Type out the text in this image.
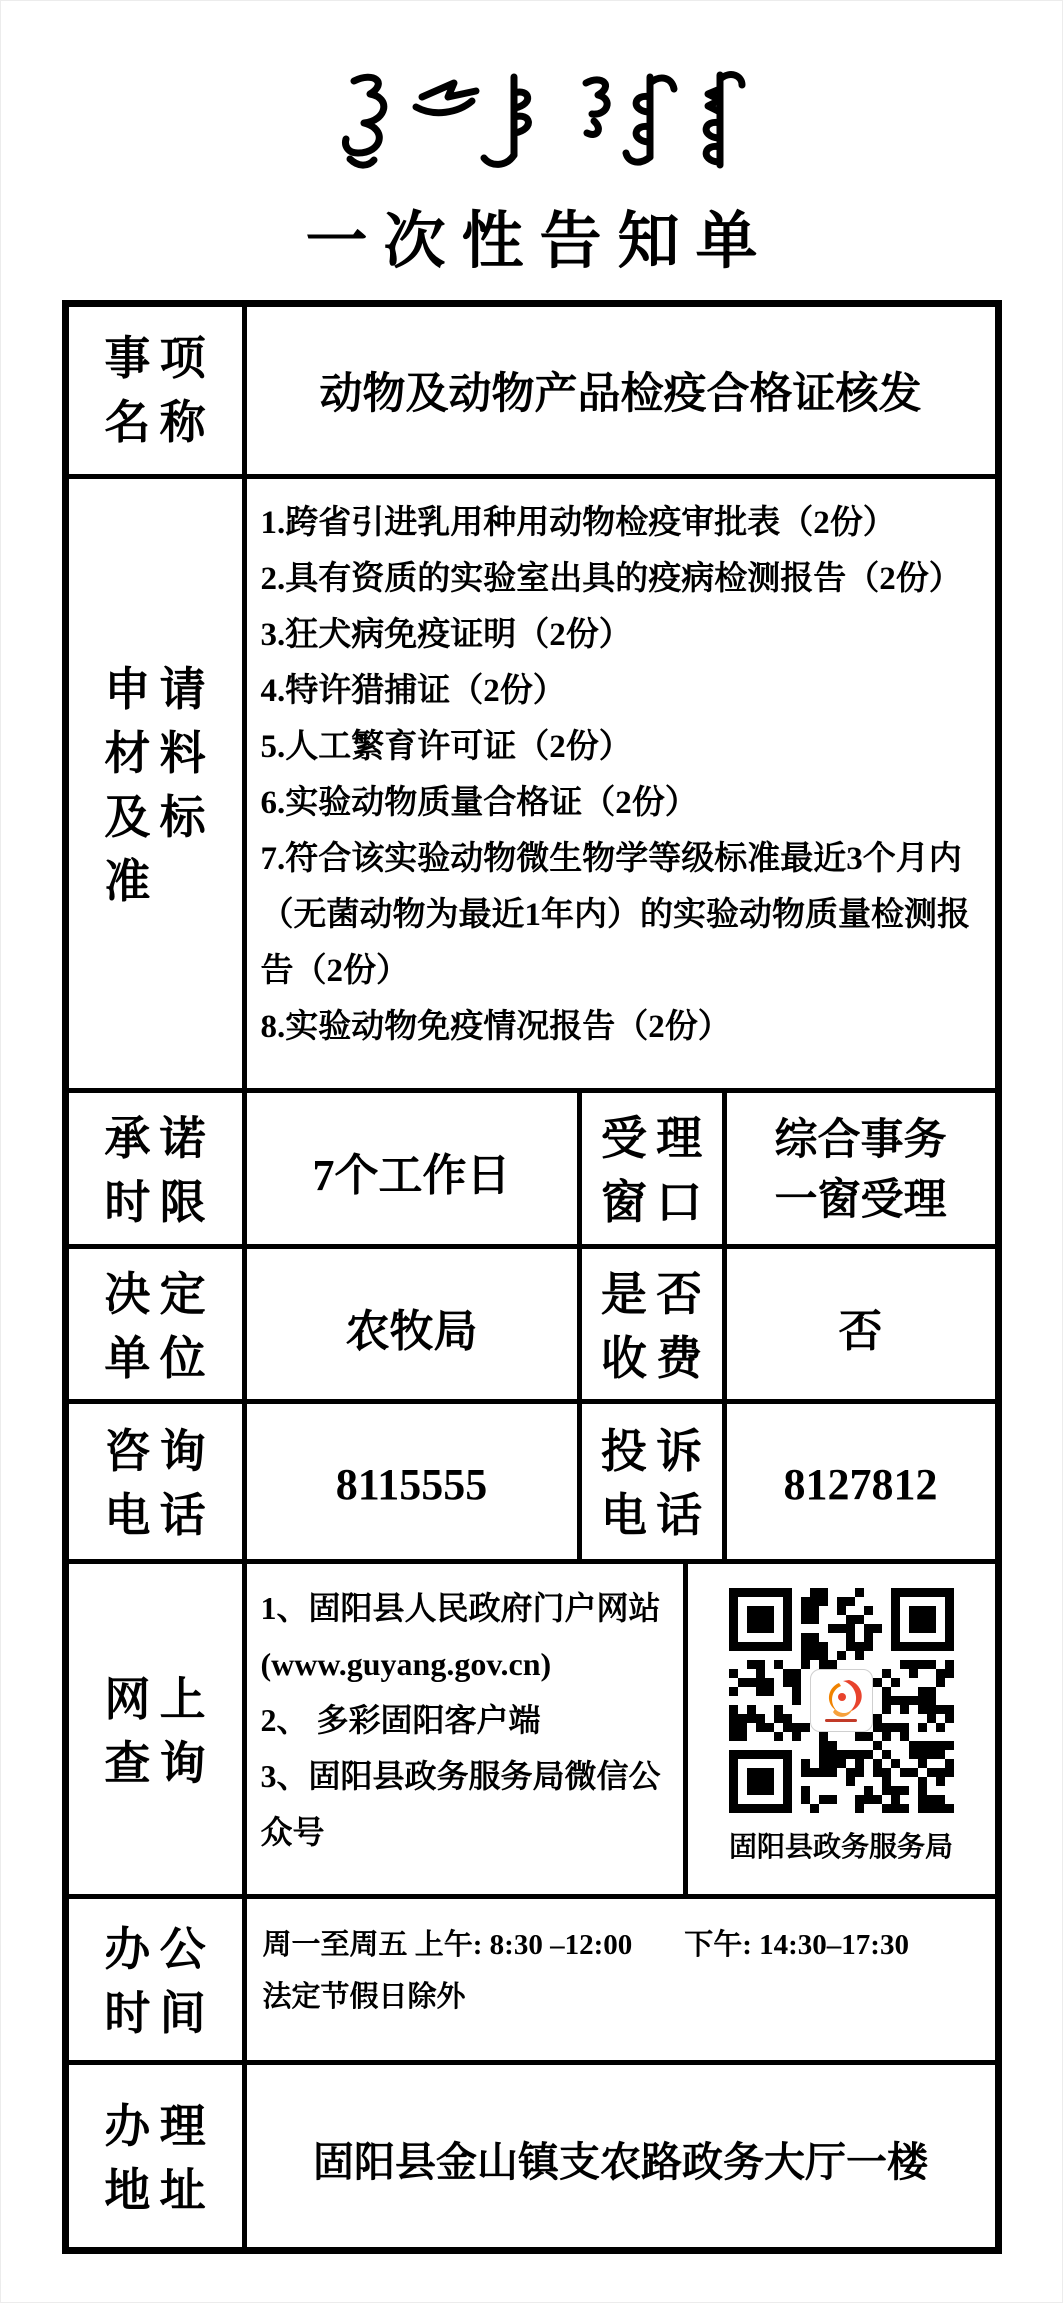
一次性告知单
事项名称
动物及动物产品检疫合格证核发
申请材料及标准
1.跨省引进乳用种用动物检疫审批表（2份）
2.具有资质的实验室出具的疫病检测报告（2份）
3.狂犬病免疫证明（2份）
4.特许猎捕证（2份）
5.人工繁育许可证（2份）
6.实验动物质量合格证（2份）
7.符合该实验动物微生物学等级标准最近3个月内（无菌动物为最近1年内）的实验动物质量检测报告（2份）
8.实验动物免疫情况报告（2份）
承诺时限
7个工作日
受理窗口
综合事务一窗受理
决定单位
农牧局
是否收费
否
咨询电话
8115555
投诉电话
8127812
网上查询
1、固阳县人民政府门户网站(www.guyang.gov.cn)
2、 多彩固阳客户端
3、固阳县政务服务局微信公众号	固阳县政务服务局
办公时间
周一至周五 上午: 8:30 –12:00 下午: 14:30–17:30
法定节假日除外
办理地址
固阳县金山镇支农路政务大厅一楼
